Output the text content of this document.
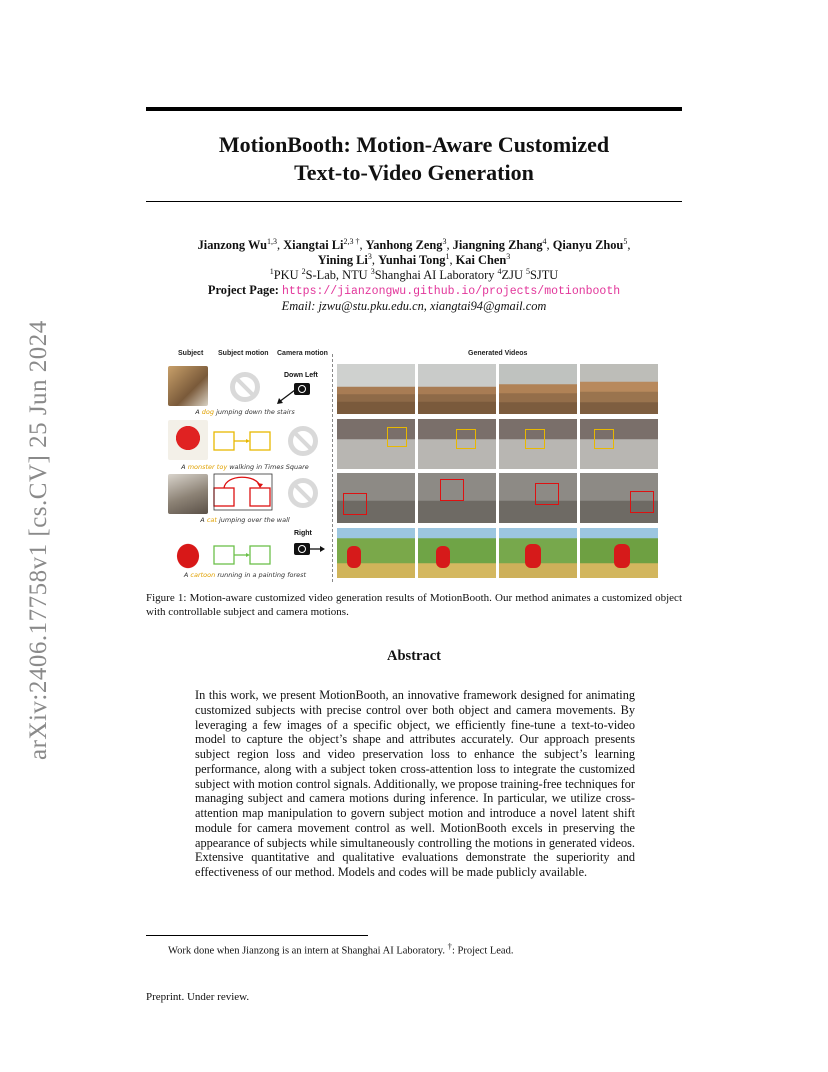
arXiv:2406.17758v1 [cs.CV] 25 Jun 2024
MotionBooth: Motion-Aware Customized
Text-to-Video Generation
Jianzong Wu$^{1,3}$, Xiangtai $Li^{2,3 \dagger}$, Yanhong Zeng$^3$, Jiangning Zhang$^4$, Qianyu Zhou$^5$,
Yining Li$^3$, Yunhai Tong$^1$, Kai Chen$^3$
$^1$PKU $^2$S-Lab, NTU $^3$Shanghai AI Laboratory $^4$ZJU $^5$SJTU
Project Page: https://jianzongwu.github.io/projects/motionbooth
Email: jzwu@stu.pku.edu.cn, xiangtai94@gmail.com
Subject Subject motion Camera motion	Generated Videos
Down Left
A dog jumping down the stairs
A monster toy walking in Times Square
A cat jumping over the wall
Right
A cartoon running in a painting forest
Figure 1: Motion-aware customized video generation results of MotionBooth. Our method animates a customized object with controllable subject and camera motions.
Abstract
In this work, we present MotionBooth, an innovative framework designed for animating customized subjects with precise control over both object and camera movements. By leveraging a few images of a specific object, we efficiently fine-tune a text-to-video model to capture the object’s shape and attributes accurately. Our approach presents subject region loss and video preservation loss to enhance the subject’s learning performance, along with a subject token cross-attention loss to integrate the customized subject with motion control signals. Additionally, we propose training-free techniques for managing subject and camera motions during inference. In particular, we utilize cross-attention map manipulation to govern subject motion and introduce a novel latent shift module for camera movement control as well. MotionBooth excels in preserving the appearance of subjects while simultaneously controlling the motions in generated videos. Extensive quantitative and qualitative evaluations demonstrate the superiority and effectiveness of our method. Models and codes will be made publicly available.
Work done when Jianzong is an intern at Shanghai AI Laboratory. †: Project Lead.
Preprint. Under review.
